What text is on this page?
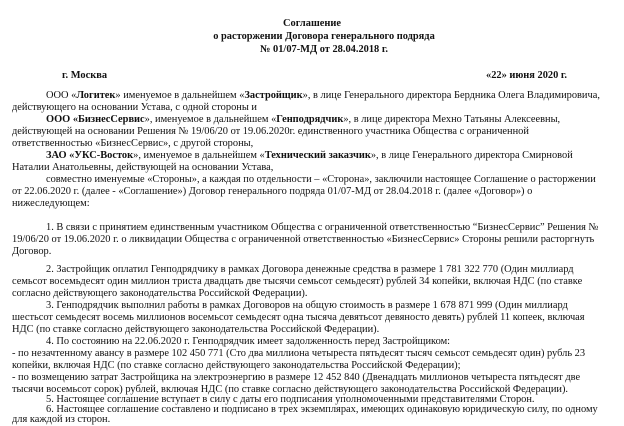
Соглашение
о расторжении Договора генерального подряда
№ 01/07-МД от 28.04.2018 г.
г. Москва	«22» июня 2020 г.
ООО «Логитек» именуемое в дальнейшем «Застройщик», в лице Генерального директора Бердника Олега Владимировича,
действующего на основании Устава, с одной стороны и
ООО «БизнесСервис», именуемое в дальнейшем «Генподрядчик», в лице директора Мехно Татьяны Алексеевны,
действующей на основании Решения № 19/06/20 от 19.06.2020г. единственного участника Общества с ограниченной
ответственностью «БизнесСервис», с другой стороны,
ЗАО «УКС-Восток», именуемое в дальнейшем «Технический заказчик», в лице Генерального директора Смирновой
Наталии Анатольевны, действующей на основании Устава,
совместно именуемые «Стороны», а каждая по отдельности – «Сторона», заключили настоящее Соглашение о расторжении
от 22.06.2020 г. (далее - «Соглашение») Договор генерального подряда 01/07-МД от 28.04.2018 г. (далее «Договор») о
нижеследующем:
1. В связи с принятием единственным участником Общества с ограниченной ответственностью “БизнесСервис” Решения №
19/06/20 от 19.06.2020 г. о ликвидации Общества с ограниченной ответственностью «БизнесСервис» Стороны решили расторгнуть
Договор.
2. Застройщик оплатил Генподрядчику в рамках Договора денежные средства в размере 1 781 322 770 (Один миллиард
семьсот восемьдесят один миллион триста двадцать две тысячи семьсот семьдесят) рублей 34 копейки, включая НДС (по ставке
согласно действующего законодательства Российской Федерации).
3. Генподрядчик выполнил работы в рамках Договоров на общую стоимость в размере 1 678 871 999 (Один миллиард
шестьсот семьдесят восемь миллионов восемьсот семьдесят одна тысяча девятьсот девяносто девять) рублей 11 копеек, включая
НДС (по ставке согласно действующего законодательства Российской Федерации).
4. По состоянию на 22.06.2020 г. Генподрядчик имеет задолженность перед Застройщиком:
- по незачтенному авансу в размере 102 450 771 (Сто два миллиона четыреста пятьдесят тысяч семьсот семьдесят один) рубль 23
копейки, включая НДС (по ставке согласно действующего законодательства Российской Федерации);
- по возмещению затрат Застройщика на электроэнергию в размере 12 452 840 (Двенадцать миллионов четыреста пятьдесят две
тысячи восемьсот сорок) рублей, включая НДС (по ставке согласно действующего законодательства Российской Федерации).
5. Настоящее соглашение вступает в силу с даты его подписания уполномоченными представителями Сторон.
6. Настоящее соглашение составлено и подписано в трех экземплярах, имеющих одинаковую юридическую силу, по одному
для каждой из сторон.
